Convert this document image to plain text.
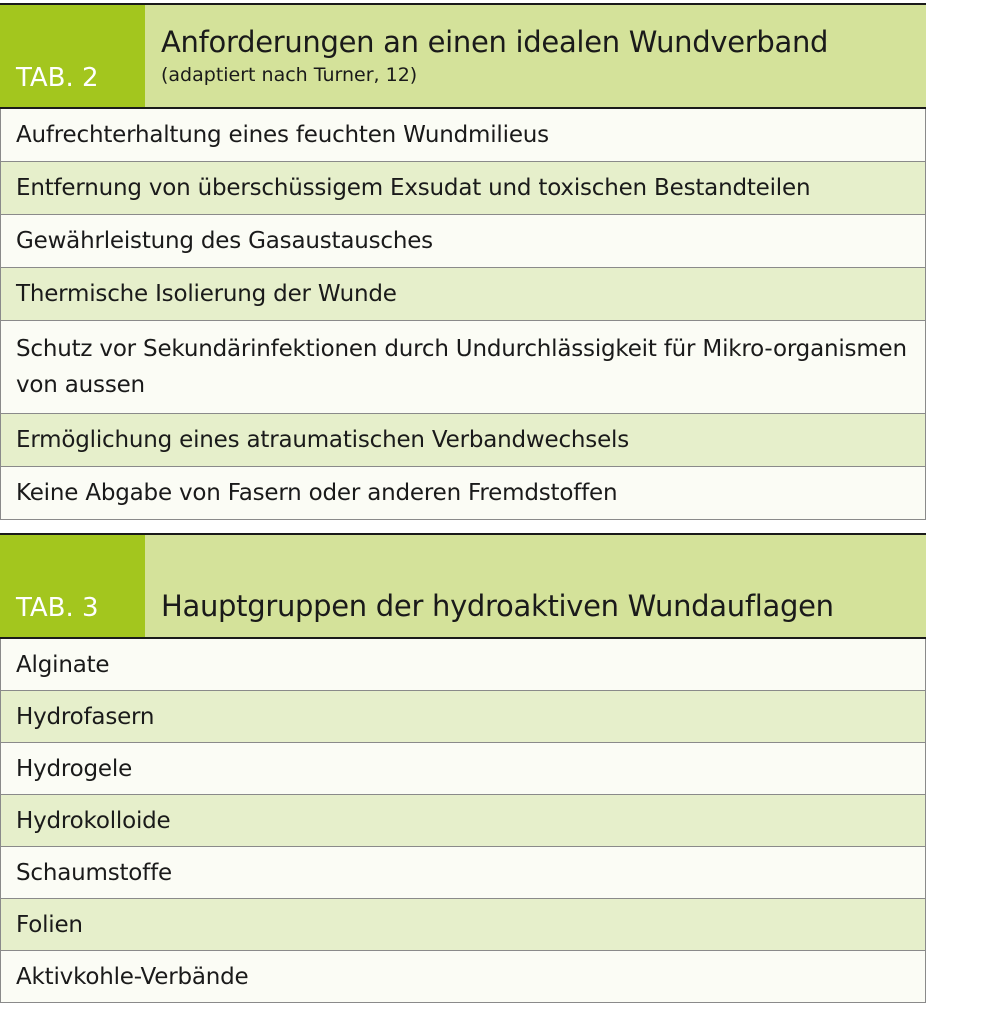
TAB. 2
Anforderungen an einen idealen Wundverband
(adaptiert nach Turner, 12)
Aufrechterhaltung eines feuchten Wundmilieus
Entfernung von überschüssigem Exsudat und toxischen Bestandteilen
Gewährleistung des Gasaustausches
Thermische Isolierung der Wunde
Schutz vor Sekundärinfektionen durch Undurchlässigkeit für Mikro-organismen von aussen
Ermöglichung eines atraumatischen Verbandwechsels
Keine Abgabe von Fasern oder anderen Fremdstoffen
TAB. 3	Hauptgruppen der hydroaktiven Wundauflagen
Alginate
Hydrofasern
Hydrogele
Hydrokolloide
Schaumstoffe
Folien
Aktivkohle-Verbände
